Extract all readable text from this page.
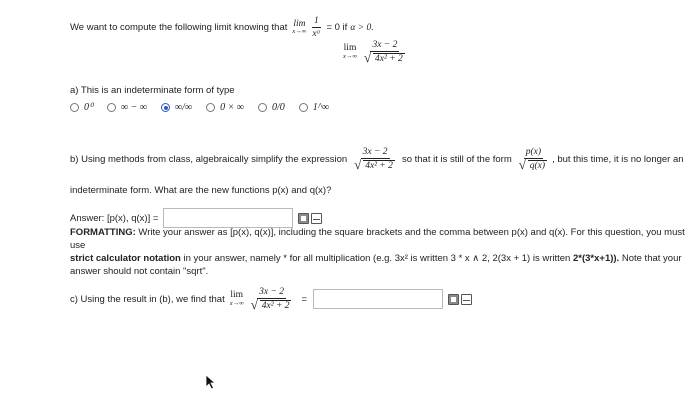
We want to compute the following limit knowing that lim
$x\to\infty \frac{1}{\text{xᵅ}} = 0$ if α > 0.
lim
x→∞ 3x − 2
√ 4x² + 2
a) This is an indeterminate form of type
0⁰	∞ − ∞	∞/∞	0 × ∞	0/0	1^∞
b) Using methods from class, algebraically simplify the expression 3x − 2
√ 4x² + 2 so that it is still of the form p(x)
√ q(x) , but this time, it is no longer an
indeterminate form. What are the new functions p(x) and q(x)?
Answer: [p(x), q(x)] =
FORMATTING: Write your answer as [p(x), q(x)], including the square brackets and the comma between p(x) and q(x). For this question, you must use
strict calculator notation in your answer, namely * for all multiplication (e.g. 3x² is written 3 * x ∧ 2, 2(3x + 1) is written 2*(3*x+1)). Note that your
answer should not contain "sqrt".
c) Using the result in (b), we find that lim
x→∞ 3x − 2
√ 4x² + 2 =
